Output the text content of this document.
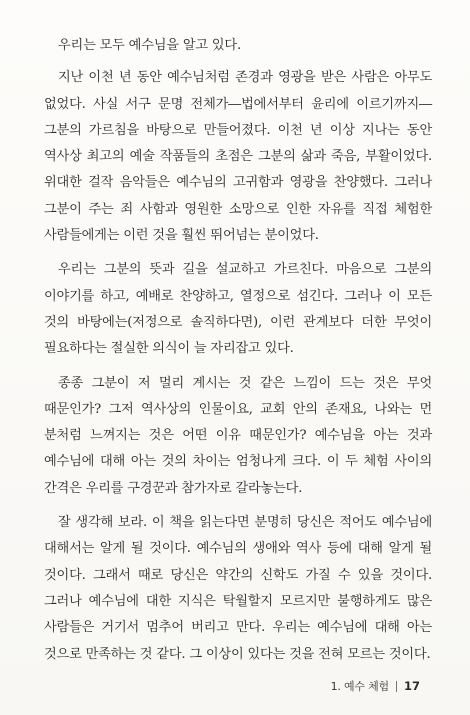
우리는 모두 예수님을 알고 있다.

지난 이천 년 동안 예수님처럼 존경과 영광을 받은 사람은 아무도 없었다. 사실 서구 문명 전체가―법에서부터 윤리에 이르기까지―그분의 가르침을 바탕으로 만들어졌다. 이천 년 이상 지나는 동안 역사상 최고의 예술 작품들의 초점은 그분의 삶과 죽음, 부활이었다. 위대한 걸작 음악들은 예수님의 고귀함과 영광을 찬양했다. 그러나 그분이 주는 죄 사함과 영원한 소망으로 인한 자유를 직접 체험한 사람들에게는 이런 것을 훨씬 뛰어넘는 분이었다.

우리는 그분의 뜻과 길을 설교하고 가르친다. 마음으로 그분의 이야기를 하고, 예배로 찬양하고, 열정으로 섬긴다. 그러나 이 모든 것의 바탕에는(저정으로 솔직하다면), 이런 관계보다 더한 무엇이 필요하다는 절실한 의식이 늘 자리잡고 있다.

종종 그분이 저 멀리 계시는 것 같은 느낌이 드는 것은 무엇 때문인가? 그저 역사상의 인물이요, 교회 안의 존재요, 나와는 먼 분처럼 느껴지는 것은 어떤 이유 때문인가? 예수님을 아는 것과 예수님에 대해 아는 것의 차이는 엄청나게 크다. 이 두 체험 사이의 간격은 우리를 구경꾼과 참가자로 갈라놓는다.

잘 생각해 보라. 이 책을 읽는다면 분명히 당신은 적어도 예수님에 대해서는 알게 될 것이다. 예수님의 생애와 역사 등에 대해 알게 될 것이다. 그래서 때로 당신은 약간의 신학도 가질 수 있을 것이다. 그러나 예수님에 대한 지식은 탁월할지 모르지만 불행하게도 많은 사람들은 거기서 멈추어 버리고 만다. 우리는 예수님에 대해 아는 것으로 만족하는 것 같다. 그 이상이 있다는 것을 전혀 모르는 것이다.

1. 예수 체험 17
